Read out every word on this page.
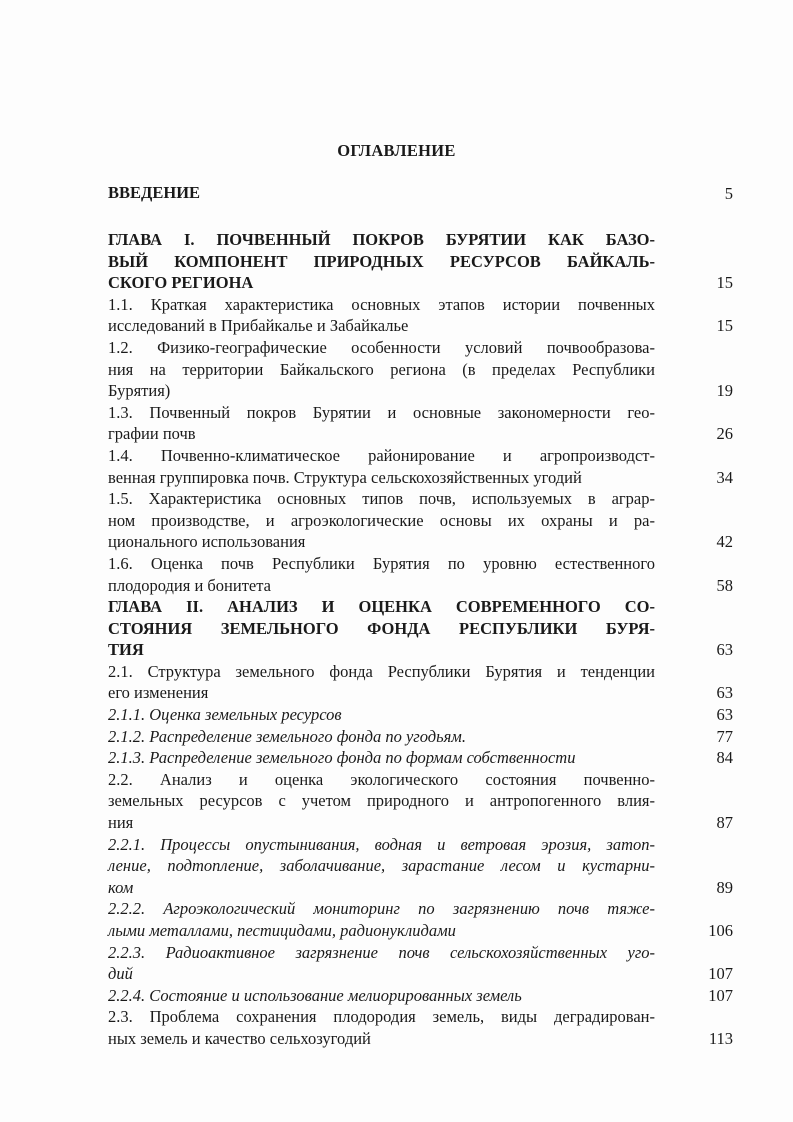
ОГЛАВЛЕНИЕ
ВВЕДЕНИЕ	5
ГЛАВА I. ПОЧВЕННЫЙ ПОКРОВ БУРЯТИИ КАК БАЗО-
ВЫЙ КОМПОНЕНТ ПРИРОДНЫХ РЕСУРСОВ БАЙКАЛЬ-
СКОГО РЕГИОНА	15
1.1. Краткая характеристика основных этапов истории почвенных
исследований в Прибайкалье и Забайкалье	15
1.2. Физико-географические особенности условий почвообразова-
ния на территории Байкальского региона (в пределах Республики
Бурятия)	19
1.3. Почвенный покров Бурятии и основные закономерности гео-
графии почв	26
1.4. Почвенно-климатическое районирование и агропроизводст-
венная группировка почв. Структура сельскохозяйственных угодий	34
1.5. Характеристика основных типов почв, используемых в аграр-
ном производстве, и агроэкологические основы их охраны и ра-
ционального использования	42
1.6. Оценка почв Республики Бурятия по уровню естественного
плодородия и бонитета	58
ГЛАВА II. АНАЛИЗ И ОЦЕНКА СОВРЕМЕННОГО СО-
СТОЯНИЯ ЗЕМЕЛЬНОГО ФОНДА РЕСПУБЛИКИ БУРЯ-
ТИЯ	63
2.1. Структура земельного фонда Республики Бурятия и тенденции
его изменения	63
2.1.1. Оценка земельных ресурсов	63
2.1.2. Распределение земельного фонда по угодьям.	77
2.1.3. Распределение земельного фонда по формам собственности	84
2.2. Анализ и оценка экологического состояния почвенно-
земельных ресурсов с учетом природного и антропогенного влия-
ния	87
2.2.1. Процессы опустынивания, водная и ветровая эрозия, затоп-
ление, подтопление, заболачивание, зарастание лесом и кустарни-
ком	89
2.2.2. Агроэкологический мониторинг по загрязнению почв тяже-
лыми металлами, пестицидами, радионуклидами	106
2.2.3. Радиоактивное загрязнение почв сельскохозяйственных уго-
дий	107
2.2.4. Состояние и использование мелиорированных земель	107
2.3. Проблема сохранения плодородия земель, виды деградирован-
ных земель и качество сельхозугодий	113
